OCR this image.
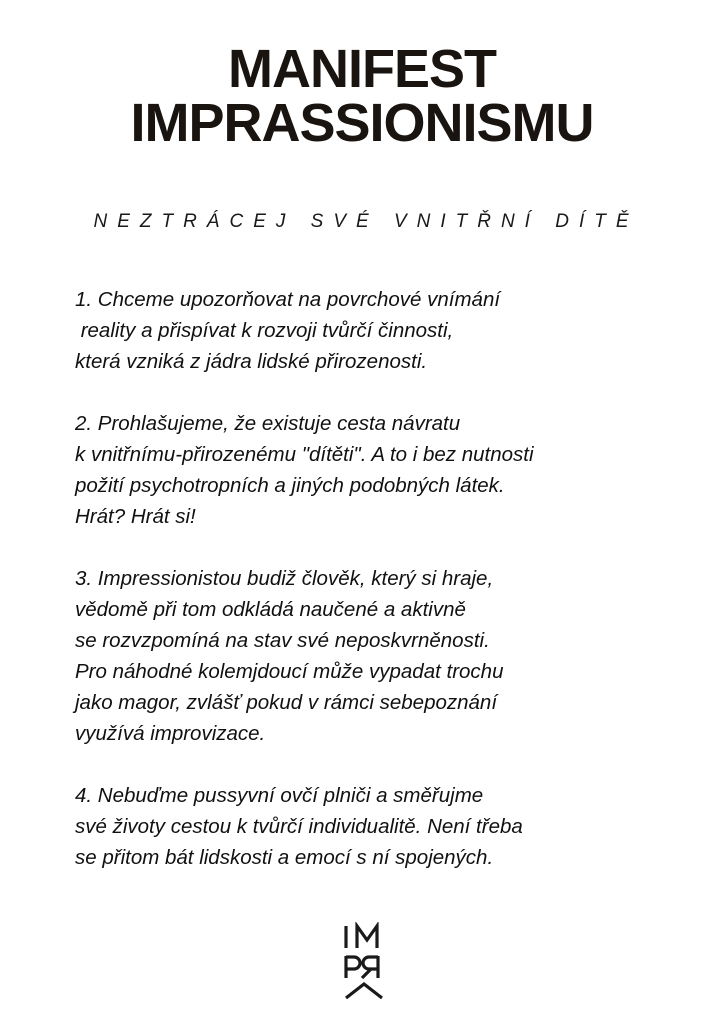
MANIFEST
IMPRASSIONISMU
NEZTRÁCEJ SVÉ VNITŘNÍ DÍTĚ
1. Chceme upozorňovat na povrchové vnímání
reality a přispívat k rozvoji tvůrčí činnosti,
která vzniká z jádra lidské přirozenosti.
2. Prohlašujeme, že existuje cesta návratu
k vnitřnímu-přirozenému "dítěti". A to i bez nutnosti
požití psychotropních a jiných podobných látek.
Hrát? Hrát si!
3. Impressionistou budiž člověk, který si hraje,
vědomě při tom odkládá naučené a aktivně
se rozvzpomíná na stav své neposkvrněnosti.
Pro náhodné kolemjdoucí může vypadat trochu
jako magor, zvlášť pokud v rámci sebepoznání
využívá improvizace.
4. Nebuďme pussyvní ovčí plniči a směřujme
své životy cestou k tvůrčí individualitě. Není třeba
se přitom bát lidskosti a emocí s ní spojených.
